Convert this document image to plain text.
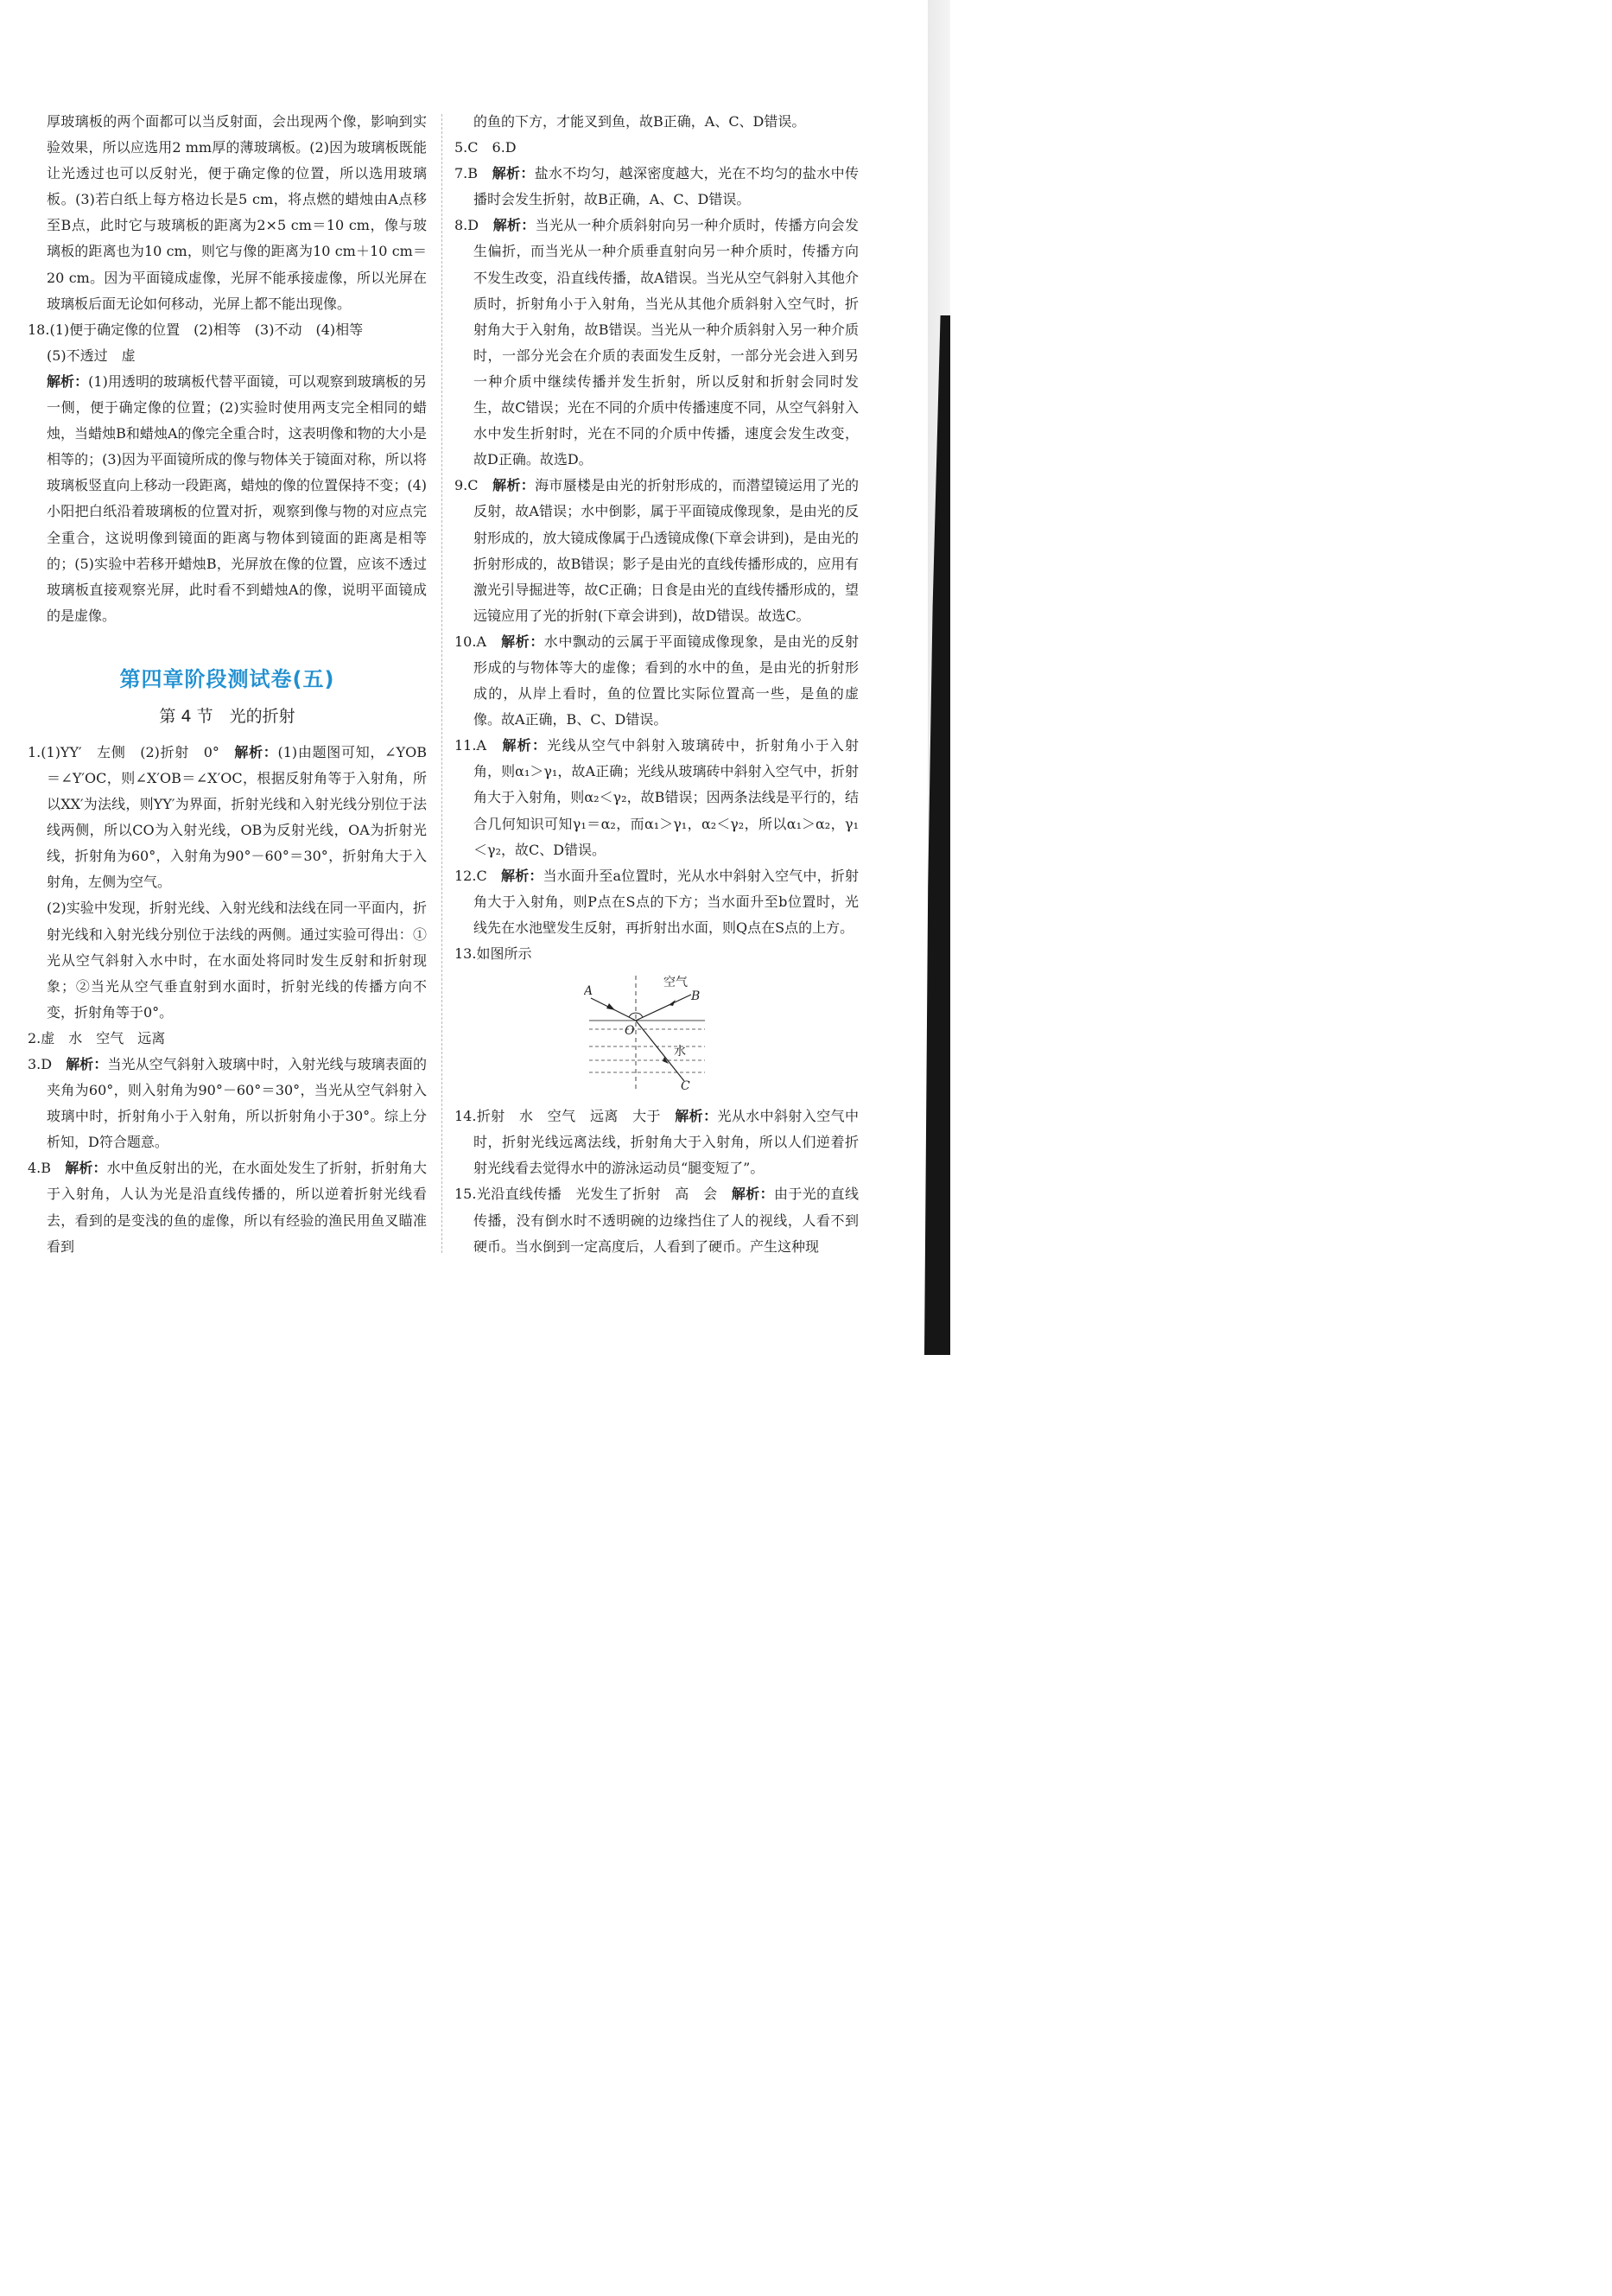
厚玻璃板的两个面都可以当反射面，会出现两个像，影响到实验效果，所以应选用2 mm厚的薄玻璃板。(2)因为玻璃板既能让光透过也可以反射光，便于确定像的位置，所以选用玻璃板。(3)若白纸上每方格边长是5 cm，将点燃的蜡烛由A点移至B点，此时它与玻璃板的距离为2×5 cm＝10 cm，像与玻璃板的距离也为10 cm，则它与像的距离为10 cm＋10 cm＝20 cm。因为平面镜成虚像，光屏不能承接虚像，所以光屏在玻璃板后面无论如何移动，光屏上都不能出现像。

18.(1)便于确定像的位置　(2)相等　(3)不动　(4)相等
(5)不透过　虚
解析：(1)用透明的玻璃板代替平面镜，可以观察到玻璃板的另一侧，便于确定像的位置；(2)实验时使用两支完全相同的蜡烛，当蜡烛B和蜡烛A的像完全重合时，这表明像和物的大小是相等的；(3)因为平面镜所成的像与物体关于镜面对称，所以将玻璃板竖直向上移动一段距离，蜡烛的像的位置保持不变；(4)小阳把白纸沿着玻璃板的位置对折，观察到像与物的对应点完全重合，这说明像到镜面的距离与物体到镜面的距离是相等的；(5)实验中若移开蜡烛B，光屏放在像的位置，应该不透过玻璃板直接观察光屏，此时看不到蜡烛A的像，说明平面镜成的是虚像。
第四章阶段测试卷(五)
第 4 节　光的折射
1.(1)YY′　左侧　(2)折射　0°　解析：(1)由题图可知，∠YOB＝∠Y′OC，则∠X′OB＝∠X′OC，根据反射角等于入射角，所以XX′为法线，则YY′为界面，折射光线和入射光线分别位于法线两侧，所以CO为入射光线，OB为反射光线，OA为折射光线，折射角为60°，入射角为90°－60°＝30°，折射角大于入射角，左侧为空气。
(2)实验中发现，折射光线、入射光线和法线在同一平面内，折射光线和入射光线分别位于法线的两侧。通过实验可得出：①光从空气斜射入水中时，在水面处将同时发生反射和折射现象；②当光从空气垂直射到水面时，折射光线的传播方向不变，折射角等于0°。
2.虚　水　空气　远离
3.D　解析：当光从空气斜射入玻璃中时，入射光线与玻璃表面的夹角为60°，则入射角为90°－60°＝30°，当光从空气斜射入玻璃中时，折射角小于入射角，所以折射角小于30°。综上分析知，D符合题意。
4.B　解析：水中鱼反射出的光，在水面处发生了折射，折射角大于入射角，人认为光是沿直线传播的，所以逆着折射光线看去，看到的是变浅的鱼的虚像，所以有经验的渔民用鱼叉瞄准看到

的鱼的下方，才能叉到鱼，故B正确，A、C、D错误。

5.C　6.D

7.B　解析：盐水不均匀，越深密度越大，光在不均匀的盐水中传播时会发生折射，故B正确，A、C、D错误。
8.D　解析：当光从一种介质斜射向另一种介质时，传播方向会发生偏折，而当光从一种介质垂直射向另一种介质时，传播方向不发生改变，沿直线传播，故A错误。当光从空气斜射入其他介质时，折射角小于入射角，当光从其他介质斜射入空气时，折射角大于入射角，故B错误。当光从一种介质斜射入另一种介质时，一部分光会在介质的表面发生反射，一部分光会进入到另一种介质中继续传播并发生折射，所以反射和折射会同时发生，故C错误；光在不同的介质中传播速度不同，从空气斜射入水中发生折射时，光在不同的介质中传播，速度会发生改变，故D正确。故选D。
9.C　解析：海市蜃楼是由光的折射形成的，而潜望镜运用了光的反射，故A错误；水中倒影，属于平面镜成像现象，是由光的反射形成的，放大镜成像属于凸透镜成像(下章会讲到)，是由光的折射形成的，故B错误；影子是由光的直线传播形成的，应用有激光引导掘进等，故C正确；日食是由光的直线传播形成的，望远镜应用了光的折射(下章会讲到)，故D错误。故选C。
10.A　解析：水中飘动的云属于平面镜成像现象，是由光的反射形成的与物体等大的虚像；看到的水中的鱼，是由光的折射形成的，从岸上看时，鱼的位置比实际位置高一些，是鱼的虚像。故A正确，B、C、D错误。
11.A　解析：光线从空气中斜射入玻璃砖中，折射角小于入射角，则α₁＞γ₁，故A正确；光线从玻璃砖中斜射入空气中，折射角大于入射角，则α₂＜γ₂，故B错误；因两条法线是平行的，结合几何知识可知γ₁＝α₂，而α₁＞γ₁，α₂＜γ₂，所以α₁＞α₂，γ₁＜γ₂，故C、D错误。
12.C　解析：当水面升至a位置时，光从水中斜射入空气中，折射角大于入射角，则P点在S点的下方；当水面升至b位置时，光线先在水池壁发生反射，再折射出水面，则Q点在S点的上方。
13.如图所示
空气
水
A	B
O
C
14.折射　水　空气　远离　大于　解析：光从水中斜射入空气中时，折射光线远离法线，折射角大于入射角，所以人们逆着折射光线看去觉得水中的游泳运动员“腿变短了”。
15.光沿直线传播　光发生了折射　高　会　解析：由于光的直线传播，没有倒水时不透明碗的边缘挡住了人的视线，人看不到硬币。当水倒到一定高度后，人看到了硬币。产生这种现
